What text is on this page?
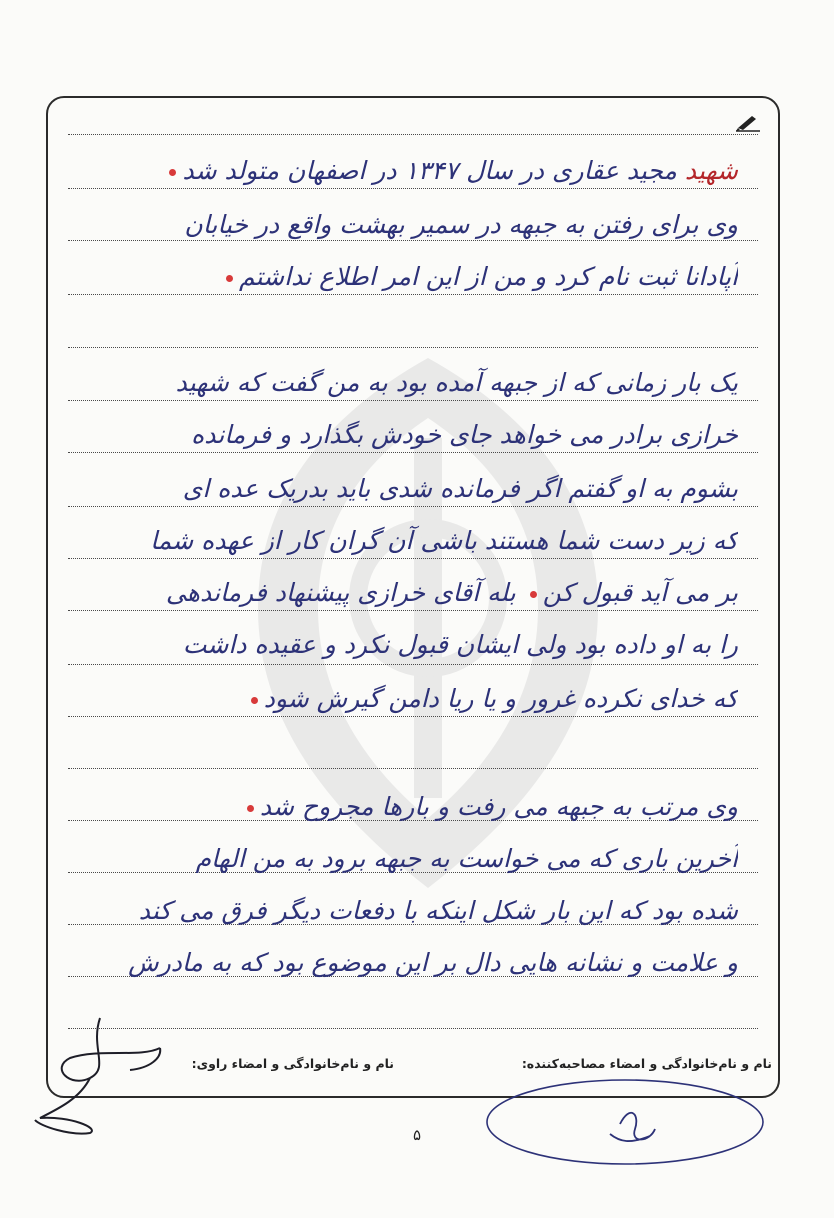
شهید مجید عقاری در سال ۱۳۴۷ در اصفهان متولد شد
وی برای رفتن به جبهه در سمیر بهشت واقع در خیابان
آپادانا ثبت نام کرد و من از این امر اطلاع نداشتم
یک بار زمانی که از جبهه آمده بود به من گفت که شهید
خرازی برادر می خواهد جای خودش بگذارد و فرمانده
بشوم به او گفتم اگر فرمانده شدی باید بدریک عده ای
که زیر دست شما هستند باشی آن گران کار از عهده شما
بر می آید قبول کن بله آقای خرازی پیشنهاد فرماندهی
را به او داده بود ولی ایشان قبول نکرد و عقیده داشت
که خدای نکرده غرور و یا ریا دامن گیرش شود
وی مرتب به جبهه می رفت و بارها مجروح شد
آخرین باری که می خواست به جبهه برود به من الهام
شده بود که این بار شکل اینکه با دفعات دیگر فرق می کند
و علامت و نشانه هایی دال بر این موضوع بود که به مادرش
نام و نام‌خانوادگی و امضاء مصاحبه‌کننده:
نام و نام‌خانوادگی و امضاء راوی:
۵
